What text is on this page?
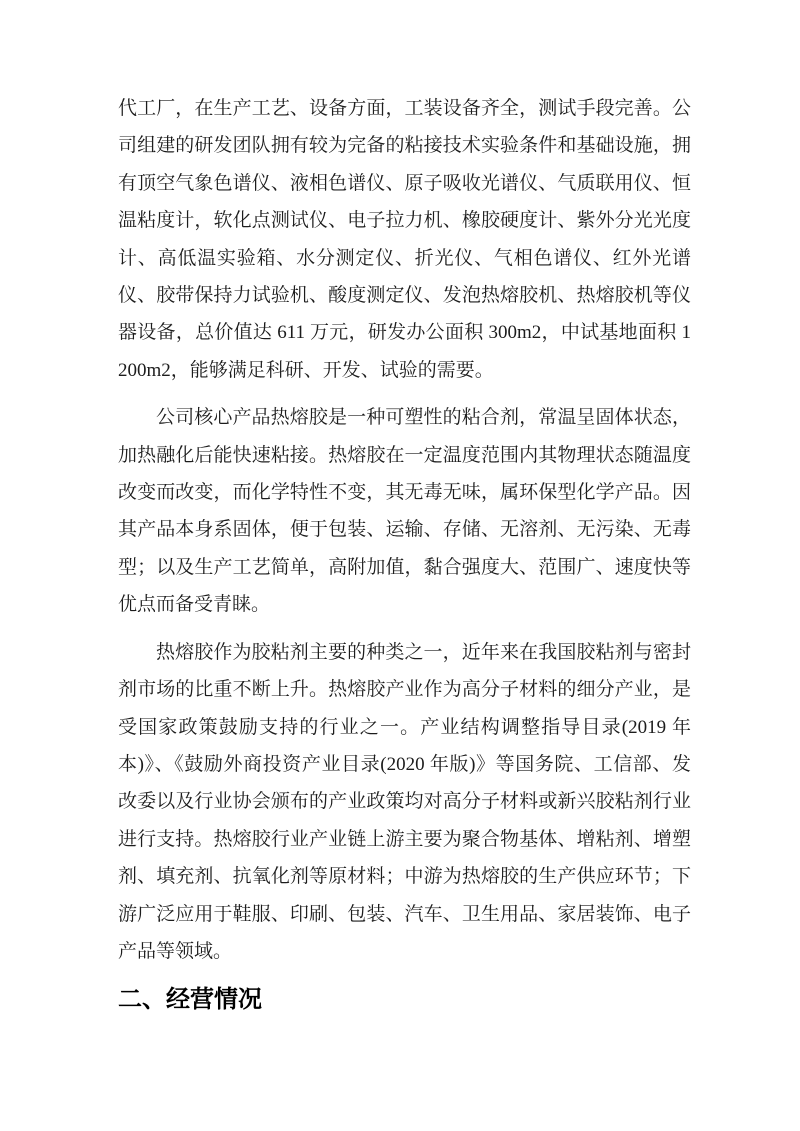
代工厂，在生产工艺、设备方面，工装设备齐全，测试手段完善。公司组建的研发团队拥有较为完备的粘接技术实验条件和基础设施，拥有顶空气象色谱仪、液相色谱仪、原子吸收光谱仪、气质联用仪、恒温粘度计，软化点测试仪、电子拉力机、橡胶硬度计、紫外分光光度计、高低温实验箱、水分测定仪、折光仪、气相色谱仪、红外光谱仪、胶带保持力试验机、酸度测定仪、发泡热熔胶机、热熔胶机等仪器设备，总价值达 611 万元，研发办公面积 300m2，中试基地面积 1200m2，能够满足科研、开发、试验的需要。

公司核心产品热熔胶是一种可塑性的粘合剂，常温呈固体状态，加热融化后能快速粘接。热熔胶在一定温度范围内其物理状态随温度改变而改变，而化学特性不变，其无毒无味，属环保型化学产品。因其产品本身系固体，便于包装、运输、存储、无溶剂、无污染、无毒型；以及生产工艺简单，高附加值，黏合强度大、范围广、速度快等优点而备受青睐。

热熔胶作为胶粘剂主要的种类之一，近年来在我国胶粘剂与密封剂市场的比重不断上升。热熔胶产业作为高分子材料的细分产业，是受国家政策鼓励支持的行业之一。产业结构调整指导目录(2019 年本)》、《鼓励外商投资产业目录(2020 年版)》等国务院、工信部、发改委以及行业协会颁布的产业政策均对高分子材料或新兴胶粘剂行业进行支持。热熔胶行业产业链上游主要为聚合物基体、增粘剂、增塑剂、填充剂、抗氧化剂等原材料；中游为热熔胶的生产供应环节；下游广泛应用于鞋服、印刷、包装、汽车、卫生用品、家居装饰、电子产品等领域。

二、经营情况
